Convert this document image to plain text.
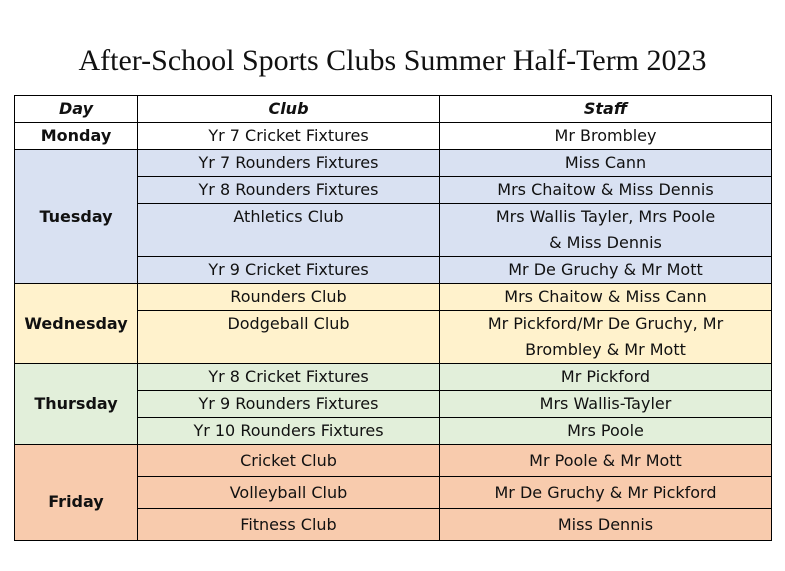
After-School Sports Clubs Summer Half-Term 2023
Day	Club	Staff
Monday	Yr 7 Cricket Fixtures	Mr Brombley
Tuesday	Yr 7 Rounders Fixtures	Miss Cann
	Yr 8 Rounders Fixtures	Mrs Chaitow & Miss Dennis
	Athletics Club	Mrs Wallis Tayler, Mrs Poole
& Miss Dennis

	Yr 9 Cricket Fixtures	Mr De Gruchy & Mr Mott
Wednesday	Rounders Club	Mrs Chaitow & Miss Cann
	Dodgeball Club	Mr Pickford/Mr De Gruchy, Mr
Brombley & Mr Mott

Thursday	Yr 8 Cricket Fixtures	Mr Pickford
	Yr 9 Rounders Fixtures	Mrs Wallis-Tayler
	Yr 10 Rounders Fixtures	Mrs Poole
Friday	Cricket Club	Mr Poole & Mr Mott
	Volleyball Club	Mr De Gruchy & Mr Pickford
	Fitness Club	Miss Dennis
